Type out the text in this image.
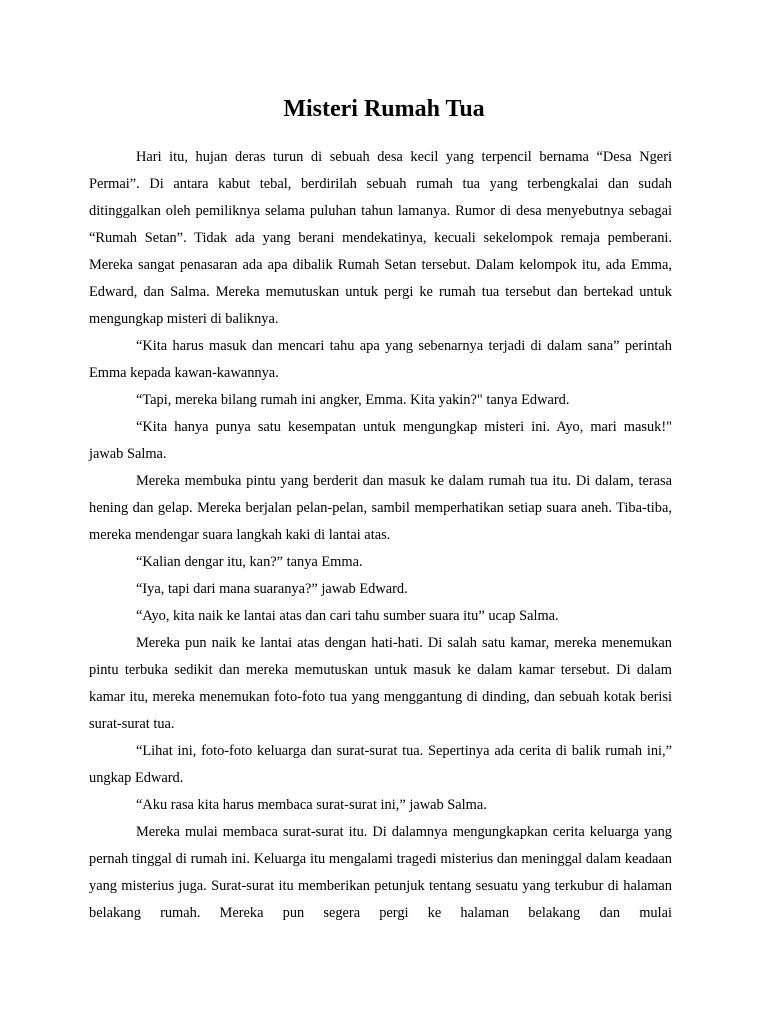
Misteri Rumah Tua

Hari itu, hujan deras turun di sebuah desa kecil yang terpencil bernama “Desa Ngeri Permai”. Di antara kabut tebal, berdirilah sebuah rumah tua yang terbengkalai dan sudah ditinggalkan oleh pemiliknya selama puluhan tahun lamanya. Rumor di desa menyebutnya sebagai “Rumah Setan”. Tidak ada yang berani mendekatinya, kecuali sekelompok remaja pemberani. Mereka sangat penasaran ada apa dibalik Rumah Setan tersebut. Dalam kelompok itu, ada Emma, Edward, dan Salma. Mereka memutuskan untuk pergi ke rumah tua tersebut dan bertekad untuk mengungkap misteri di baliknya.

“Kita harus masuk dan mencari tahu apa yang sebenarnya terjadi di dalam sana” perintah Emma kepada kawan-kawannya.

“Tapi, mereka bilang rumah ini angker, Emma. Kita yakin?" tanya Edward.

“Kita hanya punya satu kesempatan untuk mengungkap misteri ini. Ayo, mari masuk!" jawab Salma.

Mereka membuka pintu yang berderit dan masuk ke dalam rumah tua itu. Di dalam, terasa hening dan gelap. Mereka berjalan pelan-pelan, sambil memperhatikan setiap suara aneh. Tiba-tiba, mereka mendengar suara langkah kaki di lantai atas.

“Kalian dengar itu, kan?” tanya Emma.

“Iya, tapi dari mana suaranya?” jawab Edward.

“Ayo, kita naik ke lantai atas dan cari tahu sumber suara itu” ucap Salma.

Mereka pun naik ke lantai atas dengan hati-hati. Di salah satu kamar, mereka menemukan pintu terbuka sedikit dan mereka memutuskan untuk masuk ke dalam kamar tersebut. Di dalam kamar itu, mereka menemukan foto-foto tua yang menggantung di dinding, dan sebuah kotak berisi surat-surat tua.

“Lihat ini, foto-foto keluarga dan surat-surat tua. Sepertinya ada cerita di balik rumah ini,” ungkap Edward.

“Aku rasa kita harus membaca surat-surat ini,” jawab Salma.

Mereka mulai membaca surat-surat itu. Di dalamnya mengungkapkan cerita keluarga yang pernah tinggal di rumah ini. Keluarga itu mengalami tragedi misterius dan meninggal dalam keadaan yang misterius juga. Surat-surat itu memberikan petunjuk tentang sesuatu yang terkubur di halaman belakang rumah. Mereka pun segera pergi ke halaman belakang dan mulai
